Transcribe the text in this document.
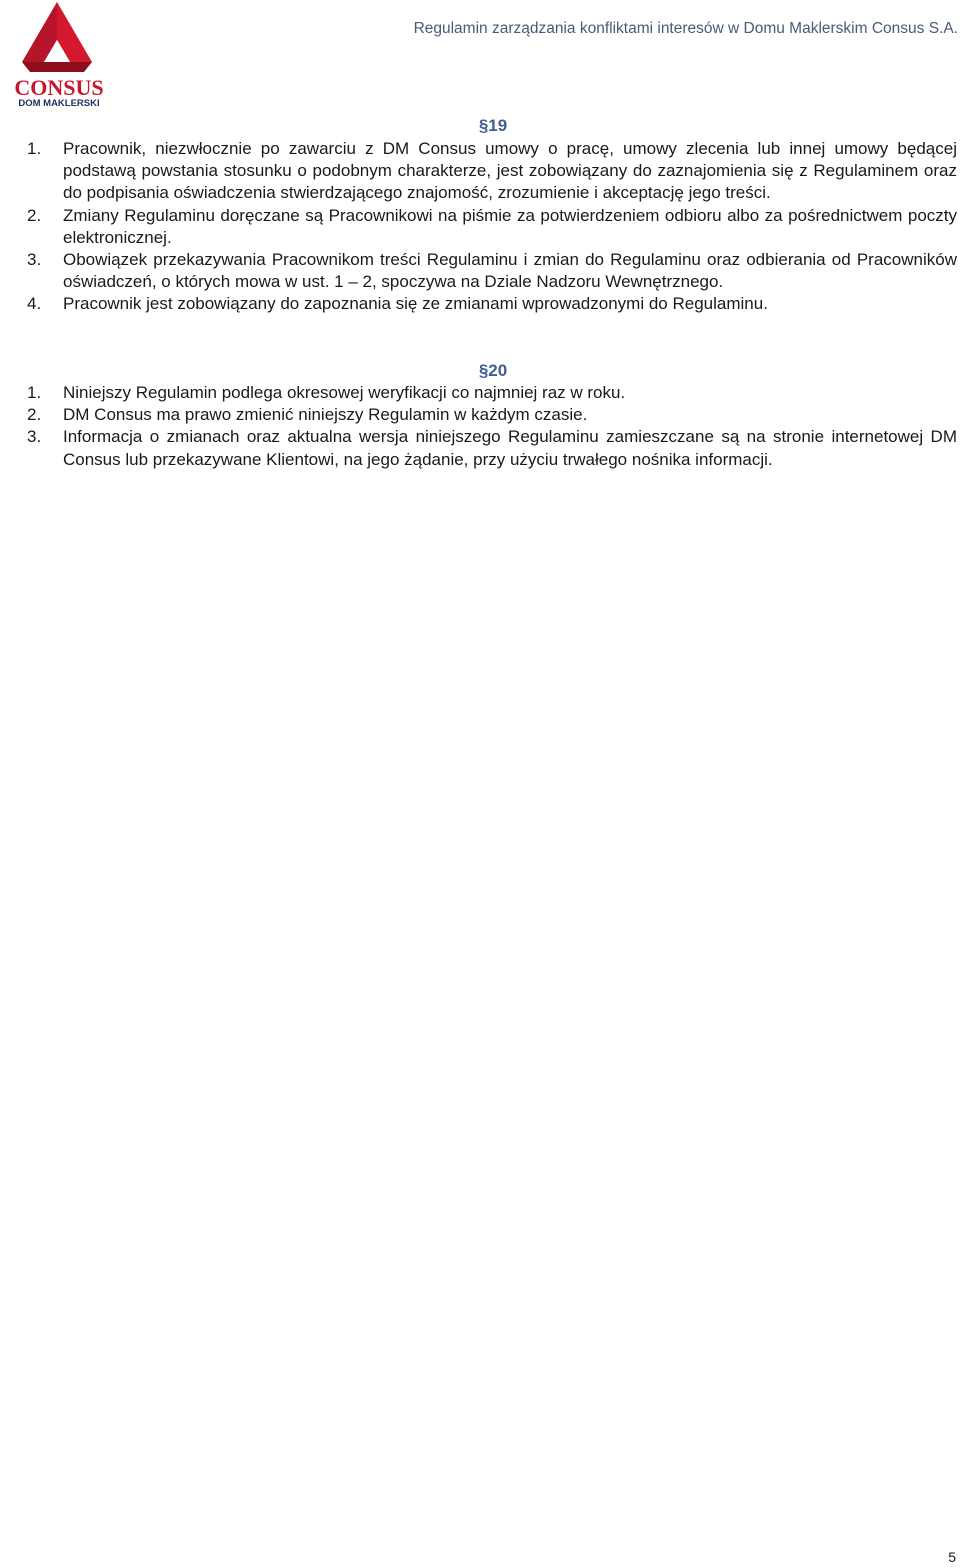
CONSUS
DOM MAKLERSKI
Regulamin zarządzania konfliktami interesów w Domu Maklerskim Consus S.A.
§19
1. Pracownik, niezwłocznie po zawarciu z DM Consus umowy o pracę, umowy zlecenia lub innej umowy będącej podstawą powstania stosunku o podobnym charakterze, jest zobowiązany do zaznajomienia się z Regulaminem oraz do podpisania oświadczenia stwierdzającego znajomość, zrozumienie i akceptację jego treści.
2. Zmiany Regulaminu doręczane są Pracownikowi na piśmie za potwierdzeniem odbioru albo za pośrednictwem poczty elektronicznej.
3. Obowiązek przekazywania Pracownikom treści Regulaminu i zmian do Regulaminu oraz odbierania od Pracowników oświadczeń, o których mowa w ust. 1 – 2, spoczywa na Dziale Nadzoru Wewnętrznego.
4. Pracownik jest zobowiązany do zapoznania się ze zmianami wprowadzonymi do Regulaminu.
§20
1. Niniejszy Regulamin podlega okresowej weryfikacji co najmniej raz w roku.
2. DM Consus ma prawo zmienić niniejszy Regulamin w każdym czasie.
3. Informacja o zmianach oraz aktualna wersja niniejszego Regulaminu zamieszczane są na stronie internetowej DM Consus lub przekazywane Klientowi, na jego żądanie, przy użyciu trwałego nośnika informacji.
5
